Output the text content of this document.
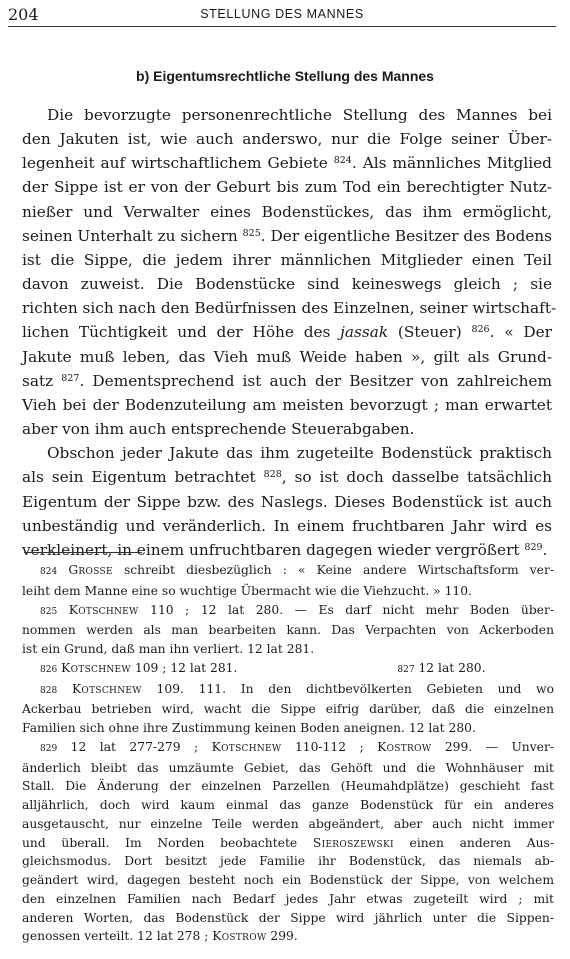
204	STELLUNG DES MANNES
b) Eigentumsrechtliche Stellung des Mannes
Die bevorzugte personenrechtliche Stellung des Mannes bei
den Jakuten ist, wie auch anderswo, nur die Folge seiner Über-
legenheit auf wirtschaftlichem Gebiete $^{824}$. Als männliches Mitglied
der Sippe ist er von der Geburt bis zum Tod ein berechtigter Nutz-
nießer und Verwalter eines Bodenstückes, das ihm ermöglicht,
seinen Unterhalt zu sichern $^{825}$. Der eigentliche Besitzer des Bodens
ist die Sippe, die jedem ihrer männlichen Mitglieder einen Teil
davon zuweist. Die Bodenstücke sind keineswegs gleich ; sie
richten sich nach den Bedürfnissen des Einzelnen, seiner wirtschaft-
lichen Tüchtigkeit und der Höhe des jassak (Steuer) $^{826}$. « Der
Jakute muß leben, das Vieh muß Weide haben », gilt als Grund-
satz $^{827}$. Dementsprechend ist auch der Besitzer von zahlreichem
Vieh bei der Bodenzuteilung am meisten bevorzugt ; man erwartet
aber von ihm auch entsprechende Steuerabgaben.
Obschon jeder Jakute das ihm zugeteilte Bodenstück praktisch
als sein Eigentum betrachtet $^{828}$, so ist doch dasselbe tatsächlich
Eigentum der Sippe bzw. des Naslegs. Dieses Bodenstück ist auch
unbeständig und veränderlich. In einem fruchtbaren Jahr wird es
verkleinert, in einem unfruchtbaren dagegen wieder vergrößert $^{829}$.
824 Grosse schreibt diesbezüglich : « Keine andere Wirtschaftsform ver-
leiht dem Manne eine so wuchtige Übermacht wie die Viehzucht. » 110.
825 Kotschnew 110 ; 12 lat 280. — Es darf nicht mehr Boden über-
nommen werden als man bearbeiten kann. Das Verpachten von Ackerboden
ist ein Grund, daß man ihn verliert. 12 lat 281.
826 Kotschnew 109 ; 12 lat 281.	827 12 lat 280.
828 Kotschnew 109. 111. In den dichtbevölkerten Gebieten und wo
Ackerbau betrieben wird, wacht die Sippe eifrig darüber, daß die einzelnen
Familien sich ohne ihre Zustimmung keinen Boden aneignen. 12 lat 280.
829 12 lat 277-279 ; Kotschnew 110-112 ; Kostrow 299. — Unver-
änderlich bleibt das umzäumte Gebiet, das Gehöft und die Wohnhäuser mit
Stall. Die Änderung der einzelnen Parzellen (Heumahdplätze) geschieht fast
alljährlich, doch wird kaum einmal das ganze Bodenstück für ein anderes
ausgetauscht, nur einzelne Teile werden abgeändert, aber auch nicht immer
und überall. Im Norden beobachtete Sieroszewski einen anderen Aus-
gleichsmodus. Dort besitzt jede Familie ihr Bodenstück, das niemals ab-
geändert wird, dagegen besteht noch ein Bodenstück der Sippe, von welchem
den einzelnen Familien nach Bedarf jedes Jahr etwas zugeteilt wird ; mit
anderen Worten, das Bodenstück der Sippe wird jährlich unter die Sippen-
genossen verteilt. 12 lat 278 ; Kostrow 299.
